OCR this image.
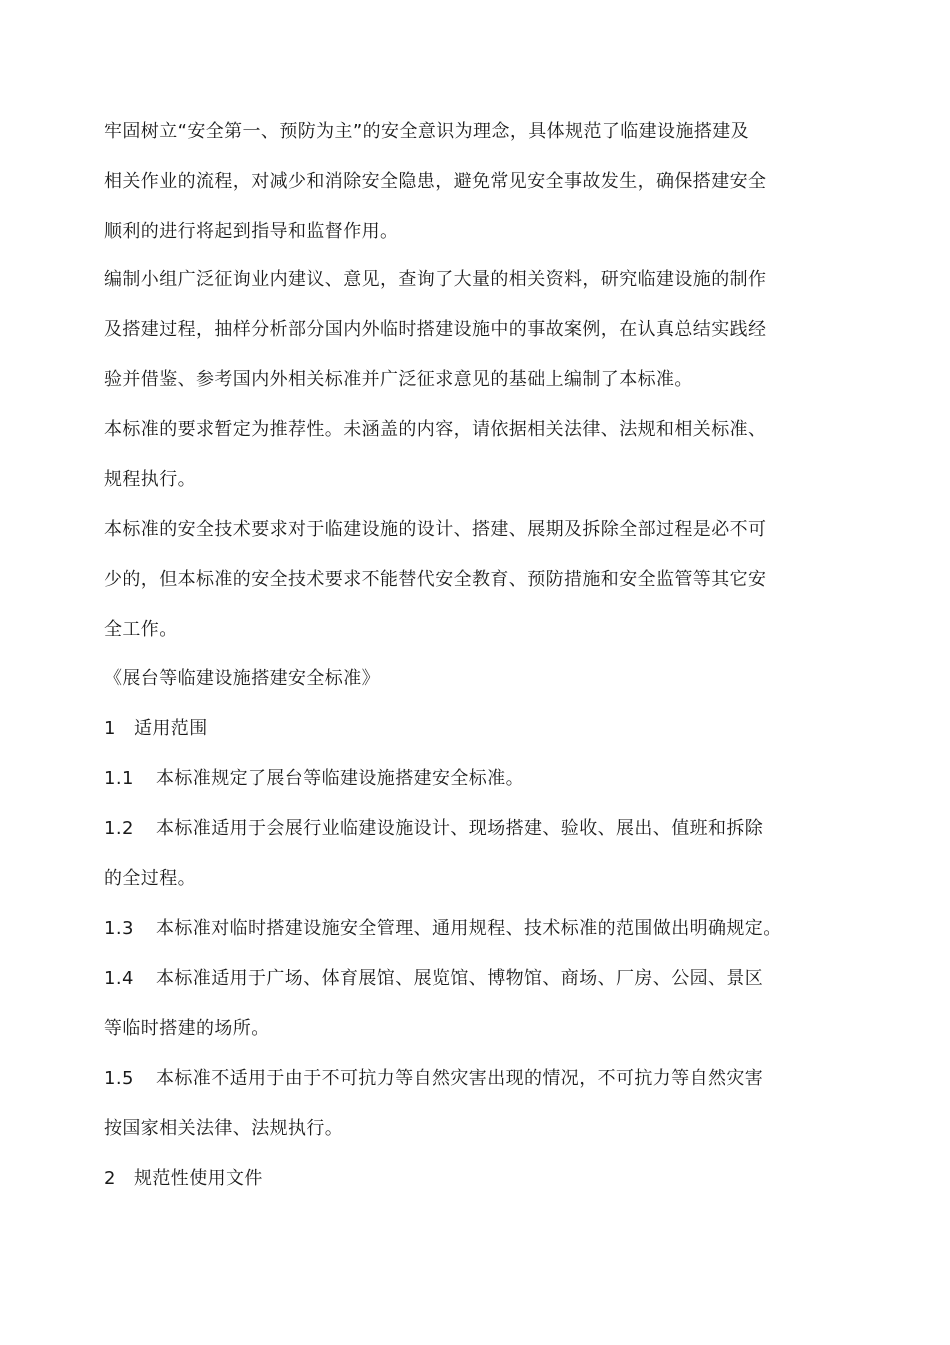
牢固树立“安全第一、预防为主”的安全意识为理念，具体规范了临建设施搭建及
相关作业的流程，对减少和消除安全隐患，避免常见安全事故发生，确保搭建安全
顺利的进行将起到指导和监督作用。
编制小组广泛征询业内建议、意见，查询了大量的相关资料，研究临建设施的制作
及搭建过程，抽样分析部分国内外临时搭建设施中的事故案例，在认真总结实践经
验并借鉴、参考国内外相关标准并广泛征求意见的基础上编制了本标准。
本标准的要求暂定为推荐性。未涵盖的内容，请依据相关法律、法规和相关标准、
规程执行。
本标准的安全技术要求对于临建设施的设计、搭建、展期及拆除全部过程是必不可
少的，但本标准的安全技术要求不能替代安全教育、预防措施和安全监管等其它安
全工作。
《展台等临建设施搭建安全标准》
1 适用范围
1.1 本标准规定了展台等临建设施搭建安全标准。
1.2 本标准适用于会展行业临建设施设计、现场搭建、验收、展出、值班和拆除
的全过程。
1.3 本标准对临时搭建设施安全管理、通用规程、技术标准的范围做出明确规定。
1.4 本标准适用于广场、体育展馆、展览馆、博物馆、商场、厂房、公园、景区
等临时搭建的场所。
1.5 本标准不适用于由于不可抗力等自然灾害出现的情况，不可抗力等自然灾害
按国家相关法律、法规执行。
2 规范性使用文件
